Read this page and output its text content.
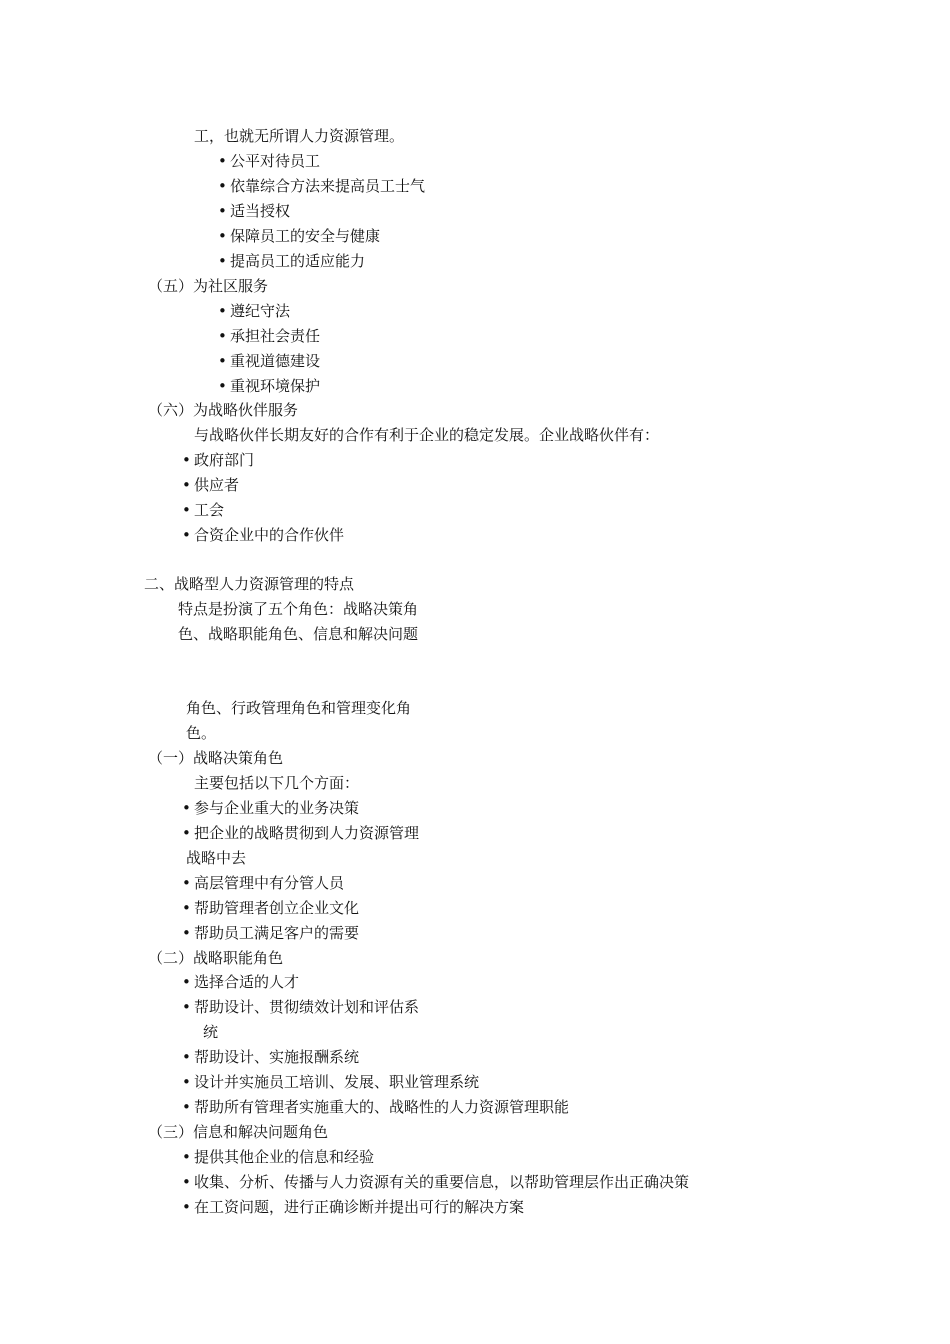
工，也就无所谓人力资源管理。
• 公平对待员工
• 依靠综合方法来提高员工士气
• 适当授权
• 保障员工的安全与健康
• 提高员工的适应能力
（五）为社区服务
• 遵纪守法
• 承担社会责任
• 重视道德建设
• 重视环境保护
（六）为战略伙伴服务
与战略伙伴长期友好的合作有利于企业的稳定发展。企业战略伙伴有：
• 政府部门
• 供应者
• 工会
• 合资企业中的合作伙伴
二、战略型人力资源管理的特点
特点是扮演了五个角色：战略决策角
色、战略职能角色、信息和解决问题
角色、行政管理角色和管理变化角
色。
（一）战略决策角色
主要包括以下几个方面：
• 参与企业重大的业务决策
• 把企业的战略贯彻到人力资源管理
战略中去
• 高层管理中有分管人员
• 帮助管理者创立企业文化
• 帮助员工满足客户的需要
（二）战略职能角色
• 选择合适的人才
• 帮助设计、贯彻绩效计划和评估系
统
• 帮助设计、实施报酬系统
• 设计并实施员工培训、发展、职业管理系统
• 帮助所有管理者实施重大的、战略性的人力资源管理职能
（三）信息和解决问题角色
• 提供其他企业的信息和经验
• 收集、分析、传播与人力资源有关的重要信息，以帮助管理层作出正确决策
• 在工资问题，进行正确诊断并提出可行的解决方案
